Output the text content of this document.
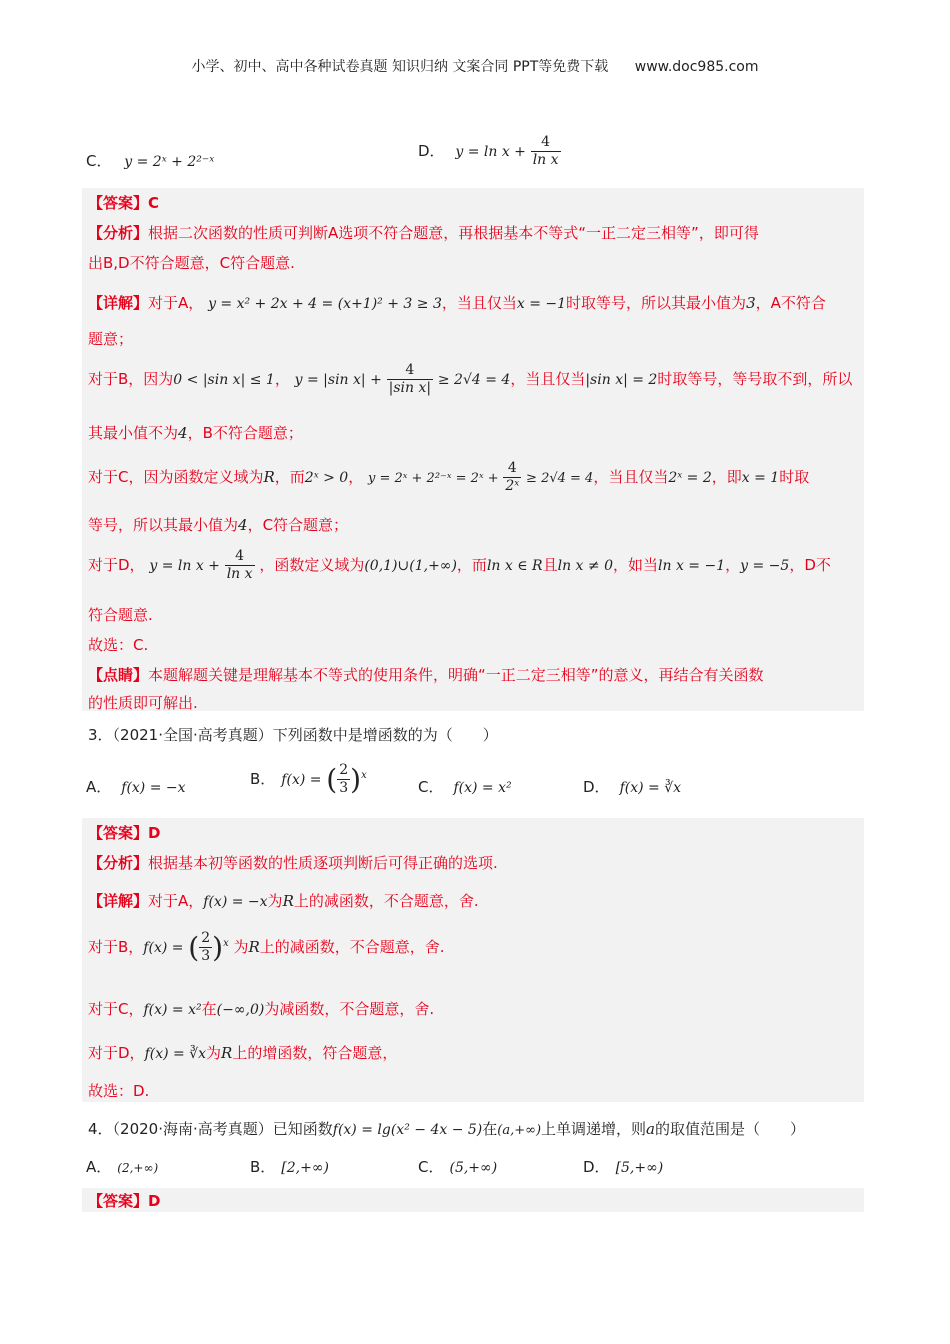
小学、初中、高中各种试卷真题 知识归纳 文案合同 PPT等免费下载 www.doc985.com
C． y = 2ˣ + 2²⁻ˣ
D． $y = \ln x + \frac{4}{\text{ln x}}$
【答案】C
【分析】根据二次函数的性质可判断A选项不符合题意，再根据基本不等式“一正二定三相等”，即可得
出B,D不符合题意，C符合题意.
【详解】对于A， y = x² + 2x + 4 = (x+1)² + 3 ≥ 3，当且仅当x = −1时取等号，所以其最小值为3，A不符合
题意；
对于B，因为0 < |sin x| ≤ 1， y = |sin $x| + \frac{4}{\text{|sin x|}} \ge 2√4 = 4$，当且仅当|sin x| = 2时取等号，等号取不到，所以
其最小值不为4，B不符合题意；
对于C，因为函数定义域为R，而2ˣ > 0， y = 2ˣ + 2²⁻ˣ = 2ˣ + $\frac{4}{\text{2ˣ}} \ge 2√4 = 4$，当且仅当2ˣ = 2，即x = 1时取
等号，所以其最小值为4，C符合题意；
对于D， $y = \ln x + \frac{4}{\text{ln x}}$ ，函数定义域为(0,1)∪(1,+∞)，而ln x ∈ R且ln x ≠ 0，如当ln x = −1，y = −5，D不
符合题意.
故选：C.
【点睛】本题解题关键是理解基本不等式的使用条件，明确“一正二定三相等”的意义，再结合有关函数
的性质即可解出.
3．（2021·全国·高考真题）下列函数中是增函数的为（　　）
A． f(x) = −x	B． f(x) = ( $\frac{2}{3} )^x$
C． f(x) = x²	D． f(x) = ∛x
【答案】D
【分析】根据基本初等函数的性质逐项判断后可得正确的选项.
【详解】对于A，f(x) = −x为R上的减函数，不合题意，舍.
对于B，f(x) = ( $\frac{2}{3} )^x$ 为R上的减函数，不合题意，舍.
对于C，f(x) = x²在(−∞,0)为减函数，不合题意，舍.
对于D，f(x) = ∛x为R上的增函数，符合题意，
故选：D.
4．（2020·海南·高考真题）已知函数f(x) = lg(x² − 4x − 5)在(a,+∞)上单调递增，则a的取值范围是（　　）
A． (2,+∞)	B． [2,+∞)	C． (5,+∞)	D． [5,+∞)
【答案】D
